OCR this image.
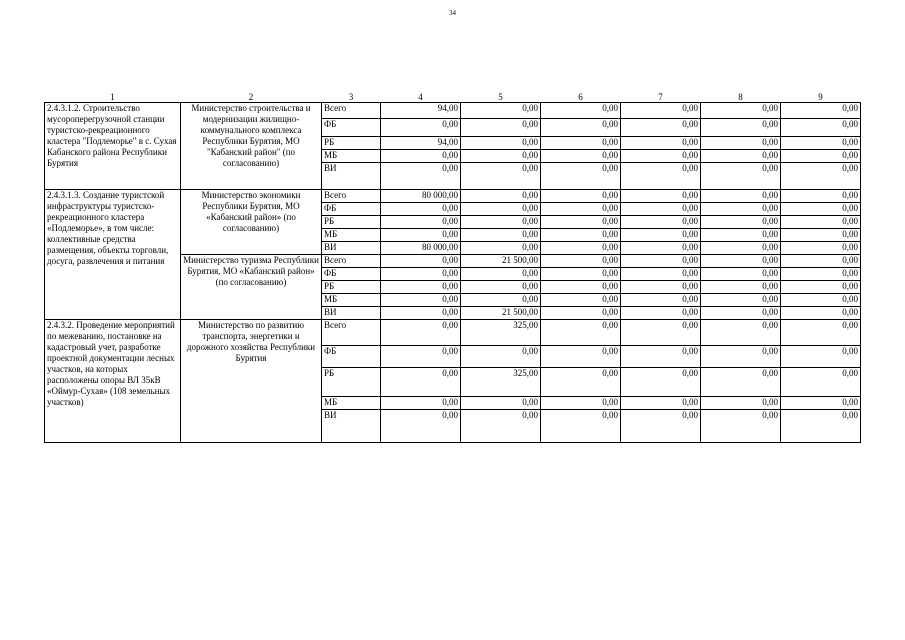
34
1	2	3	4	5	6	7	8	9
2.4.3.1.2. Строительство мусороперегрузочной станции туристско-рекреационного кластера "Подлеморье" в с. Сухая Кабанского района Республики Бурятия	Министерство строительства и модернизации жилищно-коммунального комплекса Республики Бурятия, МО "Кабанский район" (по согласованию)	Всего	94,00	0,00	0,00	0,00	0,00	0,00
		ФБ	0,00	0,00	0,00	0,00	0,00	0,00
		РБ	94,00	0,00	0,00	0,00	0,00	0,00
		МБ	0,00	0,00	0,00	0,00	0,00	0,00
		ВИ	0,00	0,00	0,00	0,00	0,00	0,00
2.4.3.1.3. Создание туристской инфраструктуры туристско-рекреационного кластера «Подлеморье», в том числе: коллективные средства размещения, объекты торговли, досуга, развлечения и питания	Министерство экономики Республики Бурятия, МО «Кабанский район» (по согласованию)	Всего	80 000,00	0,00	0,00	0,00	0,00	0,00
		ФБ	0,00	0,00	0,00	0,00	0,00	0,00
		РБ	0,00	0,00	0,00	0,00	0,00	0,00
		МБ	0,00	0,00	0,00	0,00	0,00	0,00
		ВИ	80 000,00	0,00	0,00	0,00	0,00	0,00
	Министерство туризма Республики Бурятия, МО «Кабанский район» (по согласованию)	Всего	0,00	21 500,00	0,00	0,00	0,00	0,00
		ФБ	0,00	0,00	0,00	0,00	0,00	0,00
		РБ	0,00	0,00	0,00	0,00	0,00	0,00
		МБ	0,00	0,00	0,00	0,00	0,00	0,00
		ВИ	0,00	21 500,00	0,00	0,00	0,00	0,00
2.4.3.2. Проведение мероприятий по межеванию, постановке на кадастровый учет, разработке проектной документации лесных участков, на которых расположены опоры ВЛ 35кВ «Оймур-Сухая» (108 земельных участков)	Министерство по развитию транспорта, энергетики и дорожного хозяйства Республики Бурятия	Всего	0,00	325,00	0,00	0,00	0,00	0,00
		ФБ	0,00	0,00	0,00	0,00	0,00	0,00
		РБ	0,00	325,00	0,00	0,00	0,00	0,00
		МБ	0,00	0,00	0,00	0,00	0,00	0,00
		ВИ	0,00	0,00	0,00	0,00	0,00	0,00
